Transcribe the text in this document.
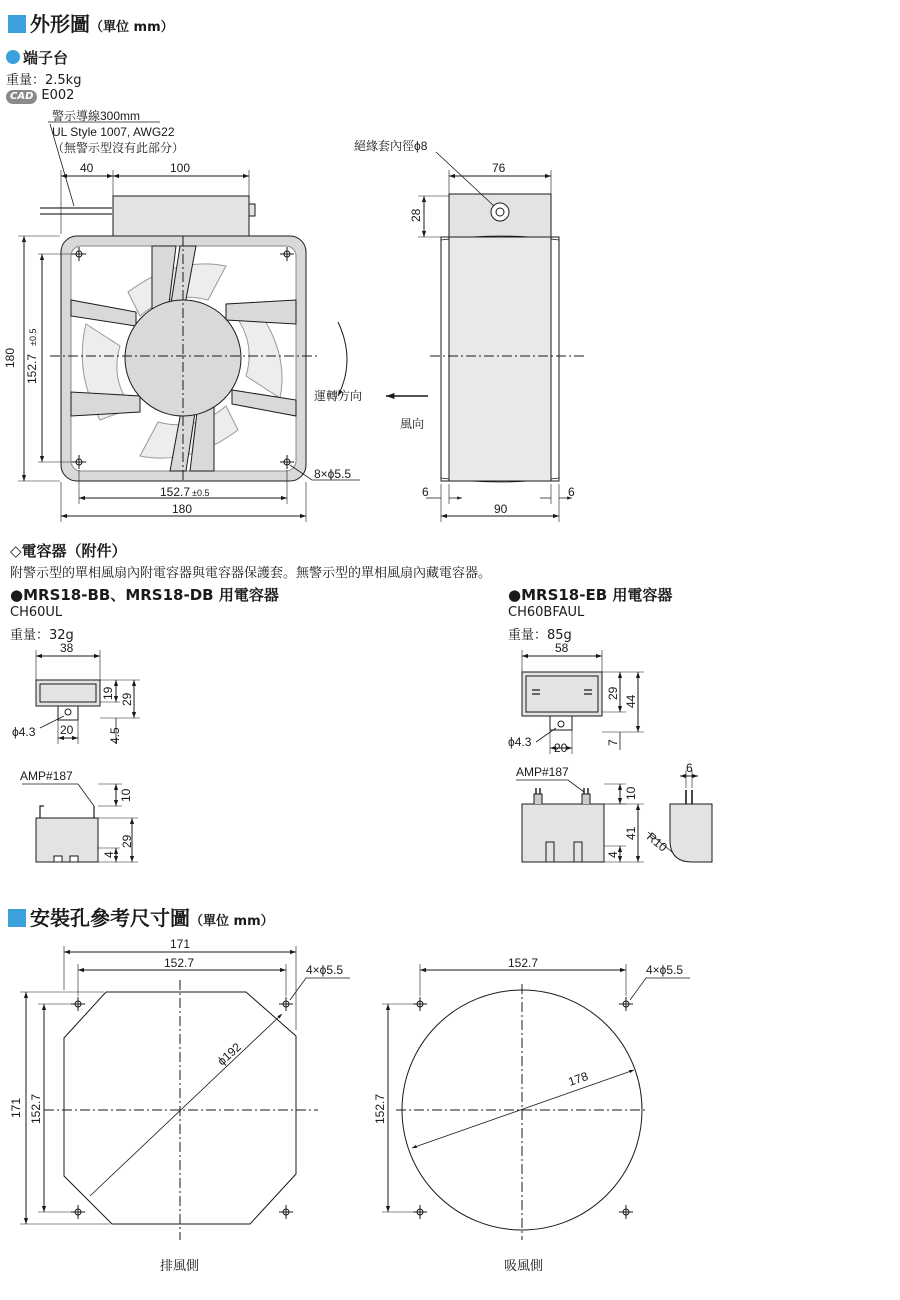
外形圖（單位 mm）
端子台
重量：2.5kg
CAD E002
◇電容器（附件）
附警示型的單相風扇內附電容器與電容器保護套。無警示型的單相風扇內藏電容器。
●MRS18-BB、MRS18-DB 用電容器
CH60UL
重量：32g
●MRS18-EB 用電容器
CH60BFAUL
重量：85g
安裝孔參考尺寸圖（單位 mm）
警示導線300mm
UL Style 1007, AWG22
（無警示型沒有此部分）
40	100
180 152.7
±0.5
152.7 ±0.5
180
8×ϕ5.5
運轉方向
絕緣套內徑ϕ8
76
28
風向
6
90
6
38
19 29
ϕ4.3 20	4.5
AMP#187
10
4
29
58
29
44
ϕ4.3 20	7
AMP#187
10
41
4
6
R10
171
152.7	4×ϕ5.5
ϕ192
171 152.7
排風側
152.7	4×ϕ5.5
178
152.7
吸風側
